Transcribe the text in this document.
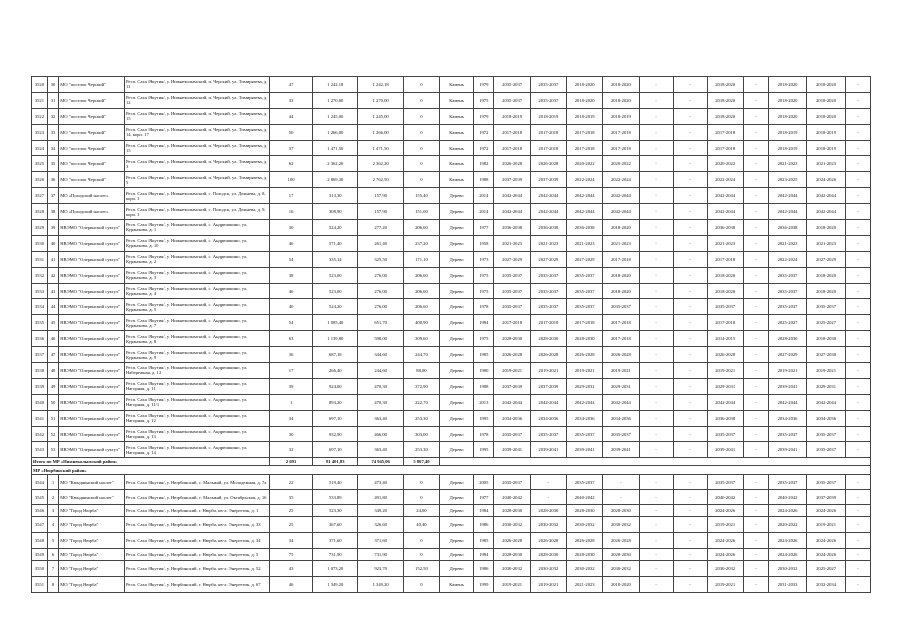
3520	30	МО "поселок Черский"	Респ. Саха /Якутия/, у. Нижнеколымский, п. Черский, ул. Тимирязева, д. 11	47	1 242,18	1 242,18	0	Камень	1979	2035-2037	2035-2037	2018-2020	2018-2020	-	-	2018-2020	-	2018-2020	2018-2020	-
3521	31	МО "поселок Черский"	Респ. Саха /Якутия/, у. Нижнеколымский, п. Черский, ул. Тимирязева, д. 12	33	1 270,00	1 270,00	0	Камень	1975	2035-2037	2035-2037	2018-2020	2018-2020	-	-	2018-2020	-	2018-2020	2018-2020	-
3522	32	МО "поселок Черский"	Респ. Саха /Якутия/, у. Нижнеколымский, п. Черский, ул. Тимирязева, д. 15	44	1 245,00	1 245,00	0	Камень	1979	2018-2019	2018-2019	2018-2019	2018-2019	-	-	2018-2020	-	2018-2020	2018-2020	-
3523	33	МО "поселок Черский"	Респ. Саха /Якутия/, у. Нижнеколымский, п. Черский, ул. Тимирязева, д. 14, корп. 17	50	1 266,00	1 266,00	0	Камень	1972	2017-2018	2017-2018	2017-2018	2017-2018	-	-	2017-2018	-	2018-2019	2018-2019	-
3524	34	МО "поселок Черский"	Респ. Саха /Якутия/, у. Нижнеколымский, п. Черский, ул. Тимирязева, д. 15	37	1 471,50	1 471,50	0	Камень	1972	2017-2018	2017-2018	2017-2018	2017-2018	-	-	2017-2018	-	2018-2019	2018-2019	-
3525	35	МО "поселок Черский"	Респ. Саха /Якутия/, у. Нижнеколымский, п. Черский, ул. Тимирязева, д. 3	62	2 362,20	2 362,20	0	Камень	1982	2026-2028	2026-2028	2020-2022	2020-2022	-	-	2020-2022	-	2021-2023	2021-2023	-
3526	36	МО "поселок Черский"	Респ. Саха /Якутия/, у. Нижнеколымский, п. Черский, ул. Тимирязева, д. 5	100	2 869,30	2 762,50	0	Камень	1988	2037-2039	2037-2039	2022-2024	2022-2024	-	-	2022-2024	-	2023-2025	2024-2026	-
3527	37	МО «Походский наслег»	Респ. Саха /Якутия/, у. Нижнеколымский, с. Походск, ул. Дежнева, д. 8, корп. 1	17	313,30	157,90	155,40	Дерево	2014	2042-2044	2042-2044	2042-2044	2042-2044	-	-	2042-2044	-	2042-2044	2042-2044	-
3528	38	МО «Походский наслег»	Респ. Саха /Якутия/, у. Нижнеколымский, с. Походск, ул. Дежнева, д. 9, корп. 1	16	308,90	157,90	151,00	Дерево	2014	2042-2044	2042-2044	2042-2044	2042-2044	-	-	2042-2044	-	2042-2044	2042-2044	-
3529	39	НВЭМО "Олеринский суктул"	Респ. Саха /Якутия/, у. Нижнеколымский, с. Андрюшкино, ул. Куржакова, д. 1	30	524,20	277,20	206,60	Дерево	1977	2036-2038	2036-2038	2036-2038	2018-2020	-	-	2036-2038	-	2036-2038	2018-2020	-
3530	40	НВЭМО "Олеринский суктул"	Респ. Саха /Якутия/, у. Нижнеколымский, с. Андрюшкино, ул. Куржакова, д. 10	46	571,40	261,40	237,20	Дерево	1958	2021-2023	2021-2023	2021-2023	2021-2023	-	-	2021-2023	-	2021-2023	2021-2023	-
3531	41	НВЭМО "Олеринский суктул"	Респ. Саха /Якутия/, у. Нижнеколымский, с. Андрюшкино, ул. Куржакова, д. 2	54	335,14	325,50	171,10	Дерево	1973	2027-2029	2027-2029	2027-2029	2017-2018	-	-	2017-2018	-	2022-2024	2027-2029	-
3532	42	НВЭМО "Олеринский суктул"	Респ. Саха /Якутия/, у. Нижнеколымский, с. Андрюшкино, ул. Куржакова, д. 3	38	523,00	276,00	206,60	Дерево	1975	2035-2037	2035-2037	2035-2037	2018-2020	-	-	2018-2020	-	2035-2037	2018-2020	-
3533	43	НВЭМО "Олеринский суктул"	Респ. Саха /Якутия/, у. Нижнеколымский, с. Андрюшкино, ул. Куржакова, д. 4	46	523,00	276,00	206,60	Дерево	1975	2035-2037	2035-2037	2035-2037	2018-2020	-	-	2018-2020	-	2035-2037	2018-2020	-
3534	44	НВЭМО "Олеринский суктул"	Респ. Саха /Якутия/, у. Нижнеколымский, с. Андрюшкино, ул. Куржакова, д. 5	40	524,20	276,00	206,60	Дерево	1978	2035-2037	2035-2037	2035-2037	2035-2037	-	-	2035-2037	-	2035-2037	2035-2037	-
3535	45	НВЭМО "Олеринский суктул"	Респ. Саха /Якутия/, у. Нижнеколымский, с. Андрюшкино, ул. Куржакова, д. 7	54	1 085,40	651,70	400,90	Дерево	1984	2017-2018	2017-2018	2017-2018	2017-2018	-	-	2017-2018	-	2025-2027	2025-2027	-
3536	46	НВЭМО "Олеринский суктул"	Респ. Саха /Якутия/, у. Нижнеколымский, с. Андрюшкино, ул. Куржакова, д. 8	63	1 139,80	598,00	309,60	Дерево	1975	2028-2030	2028-2030	2028-2030	2017-2018	-	-	2014-2015	-	2028-2030	2018-2030	-
3537	47	НВЭМО "Олеринский суктул"	Респ. Саха /Якутия/, у. Нижнеколымский, с. Андрюшкино, ул. Куржакова, д. 9	36	687,18	344,60	244,70	Дерево	1985	2026-2028	2026-2028	2026-2028	2026-2028	-	-	2026-2028	-	2027-2029	2027-2030	-
3538	48	НВЭМО "Олеринский суктул"	Респ. Саха /Якутия/, у. Нижнеколымский, с. Андрюшкино, ул. Набережная, д. 12	17	266,40	244,60	88,00	Дерево	1980	2019-2021	2019-2021	2019-2021	2019-2021	-	-	2019-2021	-	2019-2021	2019-2021	-
3539	49	НВЭМО "Олеринский суктул"	Респ. Саха /Якутия/, у. Нижнеколымский, с. Андрюшкино, ул. Нагорная, д. 11	39	924,00	470,30	372,90	Дерево	1988	2037-2039	2037-2039	2029-2031	2029-2031	-	-	2029-2031	-	2039-2041	2029-2031	-
3540	50	НВЭМО "Олеринский суктул"	Респ. Саха /Якутия/, у. Нижнеколымский, с. Андрюшкино, ул. Нагорная, д. 11/1	1	893,20	470,30	222,70	Дерево	2013	2042-2044	2042-2044	2042-2044	2042-2044	-	-	2042-2044	-	2042-2044	2042-2044	-
3541	51	НВЭМО "Олеринский суктул"	Респ. Саха /Якутия/, у. Нижнеколымский, с. Андрюшкино, ул. Нагорная, д. 12	34	697,10	363,40	253,30	Дерево	1995	2034-2036	2034-2036	2034-2036	2034-2036	-	-	2036-2038	-	2034-2036	2034-2036	-
3542	52	НВЭМО "Олеринский суктул"	Респ. Саха /Якутия/, у. Нижнеколымский, с. Андрюшкино, ул. Нагорная, д. 13	30	932,90	466,00	303,00	Дерево	1978	2035-2037	2035-2037	2035-2037	2035-2037	-	-	2035-2037	-	2035-2037	2035-2037	-
3543	53	НВЭМО "Олеринский суктул"	Респ. Саха /Якутия/, у. Нижнеколымский, с. Андрюшкино, ул. Нагорная, д. 14	32	697,10	363,40	253,30	Дерево	1995	2039-2041	2039-2041	2039-2041	2039-2041	-	-	2039-2041	-	2039-2041	2035-2037	-
Итого по МР «Нижнеколымский район»				2 691	81 401,83	74 945,06	5 867,40													
МР «Нюрбинский район»																				
3544	1	МО "Кюндяинский наслег"	Респ. Саха /Якутия/, у. Нюрбинский, с. Малыкай, ул. Молодежная, д. 7а	22	519,40	473,40	0	Дерево	2005	2035-2037	-	2035-2037	-	-	-	2035-2037	-	2035-2037	2035-2037	-
3545	2	МО "Кюндяинский наслег"	Респ. Саха /Якутия/, у. Нюрбинский, с. Малыкай, ул. Октябрьская, д. 16	35	533,89	491,80	0	Дерево	1977	2040-2042	-	2040-2042	-	-	-	2040-2042	-	2040-2042	2037-2039	-
3546	3	МО "Город Нюрба"	Респ. Саха /Якутия/, у. Нюрбинский, г. Нюрба, кв-л. Энергетик, д. 1	25	523,30	349,20	24,00	Дерево	1984	2028-2030	2028-2030	2028-2030	2028-2030	-	-	2024-2026	-	2024-2026	2024-2026	-
3547	4	МО "Город Нюрба"	Респ. Саха /Якутия/, у. Нюрбинский, г. Нюрба, кв-л. Энергетик, д. 33	25	367,60	326,60	40,40	Дерево	1986	2030-2032	2030-2032	2030-2032	2030-2032	-	-	2019-2021	-	2020-2022	2019-2021	-
3548	5	МО "Город Нюрба"	Респ. Саха /Якутия/, у. Нюрбинский, г. Нюрба, кв-л. Энергетик, д. 34	34	371,60	371,60	0	Дерево	1985	2026-2028	2026-2028	2026-2028	2026-2028	-	-	2024-2026	-	2024-2026	2024-2026	-
3549	6	МО "Город Нюрба"	Респ. Саха /Якутия/, у. Нюрбинский, г. Нюрба, кв-л. Энергетик, д. 5	75	731,90	731,90	0	Дерево	1984	2028-2030	2028-2030	2028-2030	2028-2030	-	-	2024-2026	-	2024-2026	2024-2026	-
3550	7	МО "Город Нюрба"	Респ. Саха /Якутия/, у. Нюрбинский, г. Нюрба, кв-л. Энергетик, д. 52	43	1 073,20	923,70	152,50	Дерево	1986	2030-2032	2030-2032	2030-2032	2030-2032	-	-	2030-2032	-	2030-2032	2025-2027	-
3551	8	МО "Город Нюрба"	Респ. Саха /Якутия/, у. Нюрбинский, г. Нюрба, кв-л. Энергетик, д. 67	46	1 349,20	1 349,20	0	Камень	1999	2019-2021	2019-2021	2021-2023	2018-2020	-	-	2019-2021	-	2031-2033	2032-2034	-
